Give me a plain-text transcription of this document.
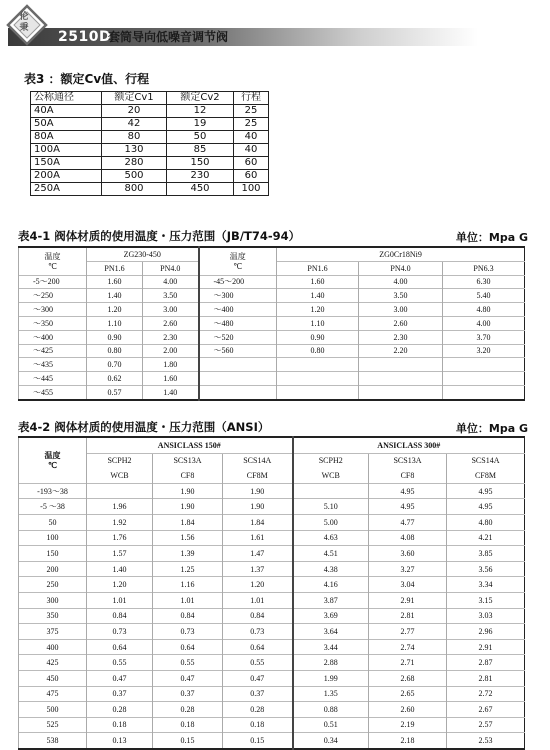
伦秉
2510D
套筒导向低噪音调节阀
表3 ：额定Cv值、行程
公称通径	额定Cv1	额定Cv2	行程
40A	20	12	25
50A	42	19	25
80A	80	50	40
100A	130	85	40
150A	280	150	60
200A	500	230	60
250A	800	450	100
表4-1 阀体材质的使用温度・压力范围（JB/T74-94）	单位：Mpa G
温度
℃	ZG230-450		温度
℃	ZG0Cr18Ni9		
	PN1.6	PN4.0		PN1.6	PN4.0	PN6.3
-5～200	1.60	4.00	-45～200	1.60	4.00	6.30
～250	1.40	3.50	～300	1.40	3.50	5.40
～300	1.20	3.00	～400	1.20	3.00	4.80
～350	1.10	2.60	～480	1.10	2.60	4.00
～400	0.90	2.30	～520	0.90	2.30	3.70
～425	0.80	2.00	～560	0.80	2.20	3.20
～435	0.70	1.80				
～445	0.62	1.60				
～455	0.57	1.40				
表4-2 阀体材质的使用温度・压力范围（ANSI）	单位：Mpa G
温度
℃	ANSICLASS 150#			ANSICLASS 300#		
	SCPH2	SCS13A	SCS14A	SCPH2	SCS13A	SCS14A
	WCB	CF8	CF8M	WCB	CF8	CF8M
-193～38		1.90	1.90		4.95	4.95
-5 ～38	1.96	1.90	1.90	5.10	4.95	4.95
50	1.92	1.84	1.84	5.00	4.77	4.80
100	1.76	1.56	1.61	4.63	4.08	4.21
150	1.57	1.39	1.47	4.51	3.60	3.85
200	1.40	1.25	1.37	4.38	3.27	3.56
250	1.20	1.16	1.20	4.16	3.04	3.34
300	1.01	1.01	1.01	3.87	2.91	3.15
350	0.84	0.84	0.84	3.69	2.81	3.03
375	0.73	0.73	0.73	3.64	2.77	2.96
400	0.64	0.64	0.64	3.44	2.74	2.91
425	0.55	0.55	0.55	2.88	2.71	2.87
450	0.47	0.47	0.47	1.99	2.68	2.81
475	0.37	0.37	0.37	1.35	2.65	2.72
500	0.28	0.28	0.28	0.88	2.60	2.67
525	0.18	0.18	0.18	0.51	2.19	2.57
538	0.13	0.15	0.15	0.34	2.18	2.53
